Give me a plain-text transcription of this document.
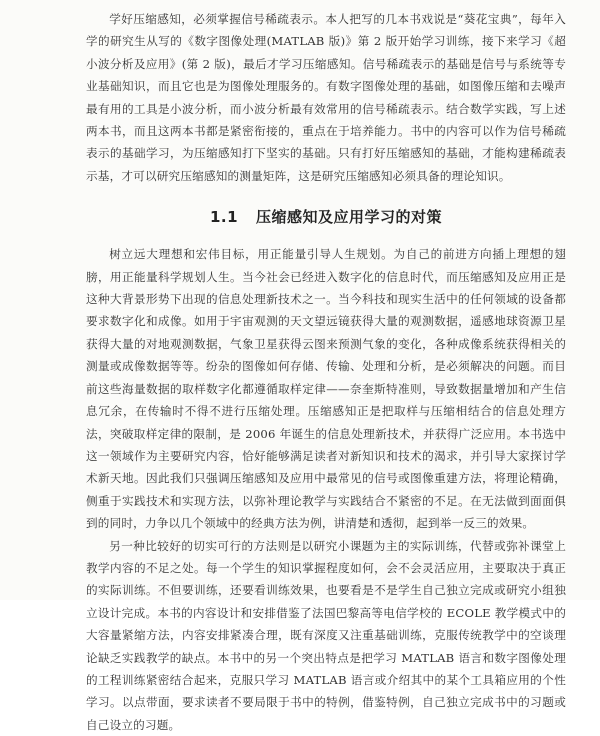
学好压缩感知，必须掌握信号稀疏表示。本人把写的几本书戏说是“葵花宝典”，每年入学的研究生从写的《数字图像处理(MATLAB 版)》第 2 版开始学习训练，接下来学习《超小波分析及应用》(第 2 版)，最后才学习压缩感知。信号稀疏表示的基础是信号与系统等专业基础知识，而且它也是为图像处理服务的。有数字图像处理的基础，如图像压缩和去噪声最有用的工具是小波分析，而小波分析最有效常用的信号稀疏表示。结合数学实践，写上述两本书，而且这两本书都是紧密衔接的，重点在于培养能力。书中的内容可以作为信号稀疏表示的基础学习，为压缩感知打下坚实的基础。只有打好压缩感知的基础，才能构建稀疏表示基，才可以研究压缩感知的测量矩阵，这是研究压缩感知必须具备的理论知识。

1.1 压缩感知及应用学习的对策

树立远大理想和宏伟目标，用正能量引导人生规划。为自己的前进方向插上理想的翅膀，用正能量科学规划人生。当今社会已经进入数字化的信息时代，而压缩感知及应用正是这种大背景形势下出现的信息处理新技术之一。当今科技和现实生活中的任何领域的设备都要求数字化和成像。如用于宇宙观测的天文望远镜获得大量的观测数据，遥感地球资源卫星获得大量的对地观测数据，气象卫星获得云图来预测气象的变化，各种成像系统获得相关的测量或成像数据等等。纷杂的图像如何存储、传输、处理和分析，是必须解决的问题。而目前这些海量数据的取样数字化都遵循取样定律——奈奎斯特准则，导致数据量增加和产生信息冗余，在传输时不得不进行压缩处理。压缩感知正是把取样与压缩相结合的信息处理方法，突破取样定律的限制，是 2006 年诞生的信息处理新技术，并获得广泛应用。本书选中这一领域作为主要研究内容，恰好能够满足读者对新知识和技术的渴求，并引导大家探讨学术新天地。因此我们只强调压缩感知及应用中最常见的信号或图像重建方法，将理论精确，侧重于实践技术和实现方法，以弥补理论教学与实践结合不紧密的不足。在无法做到面面俱到的同时，力争以几个领域中的经典方法为例，讲清楚和透彻，起到举一反三的效果。

另一种比较好的切实可行的方法则是以研究小课题为主的实际训练，代替或弥补课堂上教学内容的不足之处。每一个学生的知识掌握程度如何，会不会灵活应用，主要取决于真正的实际训练。不但要训练，还要看训练效果，也要看是不是学生自己独立完成或研究小组独立设计完成。本书的内容设计和安排借鉴了法国巴黎高等电信学校的 ECOLE 教学模式中的大容量紧缩方法，内容安排紧凑合理，既有深度又注重基础训练，克服传统教学中的空谈理论缺乏实践教学的缺点。本书中的另一个突出特点是把学习 MATLAB 语言和数字图像处理的工程训练紧密结合起来，克服只学习 MATLAB 语言或介绍其中的某个工具箱应用的个性学习。以点带面，要求读者不要局限于书中的特例，借鉴特例，自己独立完成书中的习题或自己设立的习题。
